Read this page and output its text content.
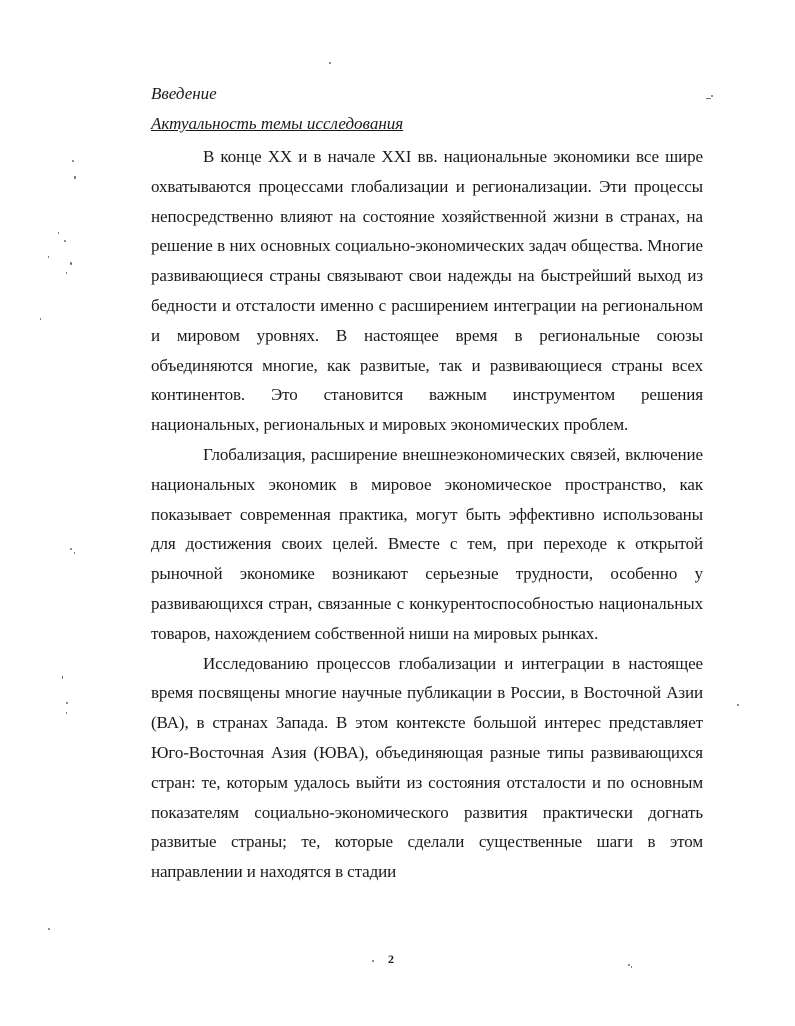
Введение

Актуальность темы исследования

В конце XX и в начале XXI вв. национальные экономики все шире охватываются процессами глобализации и регионализации. Эти процессы непосредственно влияют на состояние хозяйственной жизни в странах, на решение в них основных социально-экономических задач общества. Многие развивающиеся страны связывают свои надежды на быстрейший выход из бедности и отсталости именно с расширением интеграции на региональном и мировом уровнях. В настоящее время в региональные союзы объединяются многие, как развитые, так и развивающиеся страны всех континентов. Это становится важным инструментом решения национальных, региональных и мировых экономических проблем.

Глобализация, расширение внешнеэкономических связей, включение национальных экономик в мировое экономическое пространство, как показывает современная практика, могут быть эффективно использованы для достижения своих целей. Вместе с тем, при переходе к открытой рыночной экономике возникают серьезные трудности, особенно у развивающихся стран, связанные с конкурентоспособностью национальных товаров, нахождением собственной ниши на мировых рынках.

Исследованию процессов глобализации и интеграции в настоящее время посвящены многие научные публикации в России, в Восточной Азии (ВА), в странах Запада. В этом контексте большой интерес представляет Юго-Восточная Азия (ЮВА), объединяющая разные типы развивающихся стран: те, которым удалось выйти из состояния отсталости и по основным показателям социально-экономического развития практически догнать развитые страны; те, которые сделали существенные шаги в этом направлении и находятся в стадии

2
